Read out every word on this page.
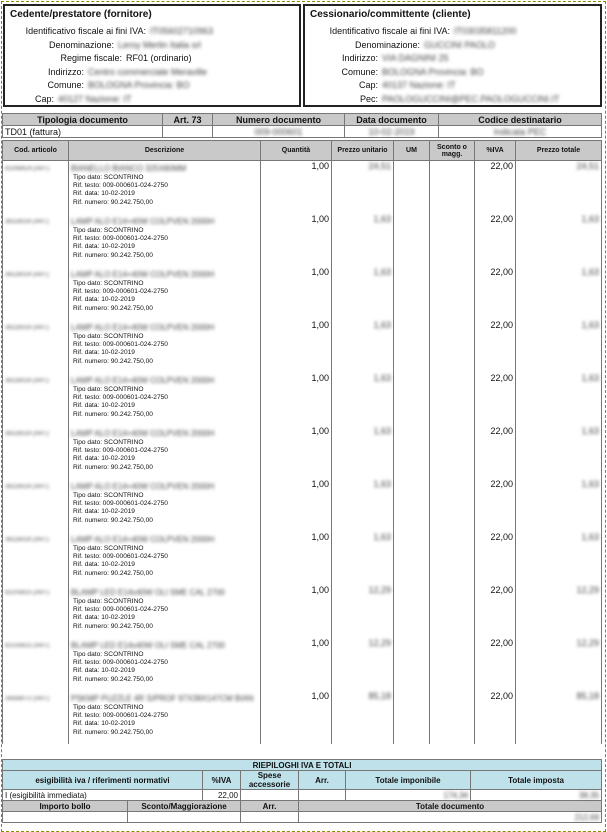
Cedente/prestatore (fornitore)
Identificativo fiscale ai fini IVA: IT05602710963
Denominazione: Leroy Merlin Italia srl
Regime fiscale: RF01 (ordinario)
Indirizzo: Centro commerciale Meraville
Comune: BOLOGNA Provincia: BO
Cap: 40127 Nazione: IT
Cessionario/committente (cliente)
Identificativo fiscale ai fini IVA: IT03035811200
Denominazione: GUCCINI PAOLO
Indirizzo: VIA DAGNINI 25
Comune: BOLOGNA Provincia: BO
Cap: 40137 Nazione: IT
Pec: PAOLOGUCCINI@PEC.PAOLOGUCCINI.IT
Tipologia documento	Art. 73	Numero documento	Data documento	Codice destinatario
TD01 (fattura)		009-000601	10-02-2019	Indicata PEC
Cod. articolo	Descrizione	Quantità	Prezzo unitario	UM	Sconto o magg.	%IVA	Prezzo totale
81048424 (ART)	BIANELLO BIANCO 325X80MM
Tipo dato: SCONTRINO
Rif. testo: 009-000601-024-2750
Rif. data: 10-02-2019
Rif. numero: 90.242.750,00	1,00	24,51			22,00	24,51
36116024 (ART)	LAMP ALO E14+40W COLPVEN 2000H
Tipo dato: SCONTRINO
Rif. testo: 009-000601-024-2750
Rif. data: 10-02-2019
Rif. numero: 90.242.750,00	1,00	1,63			22,00	1,63
36116024 (ART)	LAMP ALO E14+40W COLPVEN 2000H
Tipo dato: SCONTRINO
Rif. testo: 009-000601-024-2750
Rif. data: 10-02-2019
Rif. numero: 90.242.750,00	1,00	1,63			22,00	1,63
36116024 (ART)	LAMP ALO E14+40W COLPVEN 2000H
Tipo dato: SCONTRINO
Rif. testo: 009-000601-024-2750
Rif. data: 10-02-2019
Rif. numero: 90.242.750,00	1,00	1,63			22,00	1,63
36116024 (ART)	LAMP ALO E14+40W COLPVEN 2000H
Tipo dato: SCONTRINO
Rif. testo: 009-000601-024-2750
Rif. data: 10-02-2019
Rif. numero: 90.242.750,00	1,00	1,63			22,00	1,63
36116024 (ART)	LAMP ALO E14+40W COLPVEN 2000H
Tipo dato: SCONTRINO
Rif. testo: 009-000601-024-2750
Rif. data: 10-02-2019
Rif. numero: 90.242.750,00	1,00	1,63			22,00	1,63
36116024 (ART)	LAMP ALO E14+40W COLPVEN 2000H
Tipo dato: SCONTRINO
Rif. testo: 009-000601-024-2750
Rif. data: 10-02-2019
Rif. numero: 90.242.750,00	1,00	1,63			22,00	1,63
36116024 (ART)	LAMP ALO E14+40W COLPVEN 2000H
Tipo dato: SCONTRINO
Rif. testo: 009-000601-024-2750
Rif. data: 10-02-2019
Rif. numero: 90.242.750,00	1,00	1,63			22,00	1,63
82105615 (ART)	BLAMP LED E14x40W OLI SME CAL 2700
Tipo dato: SCONTRINO
Rif. testo: 009-000601-024-2750
Rif. data: 10-02-2019
Rif. numero: 90.242.750,00	1,00	12,29			22,00	12,29
82105615 (ART)	BLAMP LED E14x40W OLI SME CAL 2700
Tipo dato: SCONTRINO
Rif. testo: 009-000601-024-2750
Rif. data: 10-02-2019
Rif. numero: 90.242.750,00	1,00	12,29			22,00	12,29
34568072 (ART)	PSKMP PUZZLE 4R S/PROF 97X38X147CM BIAN
Tipo dato: SCONTRINO
Rif. testo: 009-000601-024-2750
Rif. data: 10-02-2019
Rif. numero: 90.242.750,00	1,00	85,18			22,00	85,18
RIEPILOGHI IVA E TOTALI						
esigibilità iva / riferimenti normativi		%IVA	Spese accessorie	Arr.	Totale imponibile	Totale imposta
I (esigibilità immediata)		22,00			174,34	38,35
Importo bollo	Sconto/Maggiorazione		Arr.	Totale documento		
				212,69		
